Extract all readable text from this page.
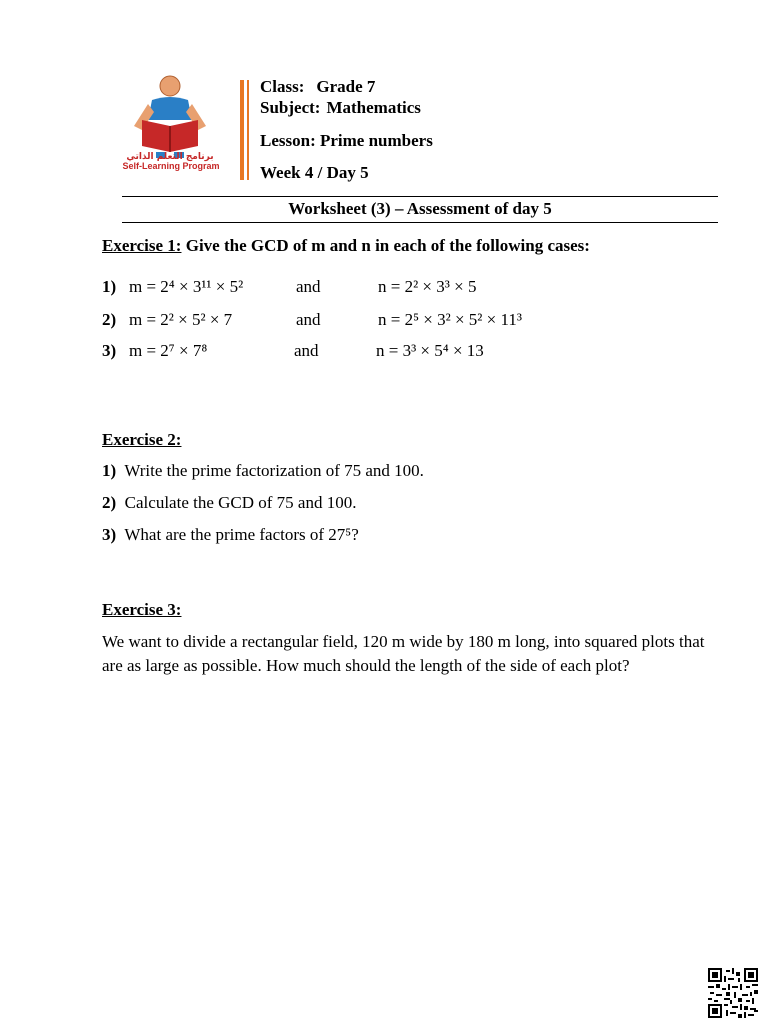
برنامج التعلم الذاتي
Self-Learning Program
Class: Grade 7
Subject: Mathematics
Lesson: Prime numbers
Week 4 / Day 5
Worksheet (3) – Assessment of day 5
Exercise 1: Give the GCD of m and n in each of the following cases:
1) m = 2⁴ × 3¹¹ × 5²	and	n = 2² × 3³ × 5
2) m = 2² × 5² × 7	and	n = 2⁵ × 3² × 5² × 11³
3) m = 2⁷ × 7⁸	and	n = 3³ × 5⁴ × 13
Exercise 2:
1) Write the prime factorization of 75 and 100.
2) Calculate the GCD of 75 and 100.
3) What are the prime factors of 27⁵?
Exercise 3:
We want to divide a rectangular field, 120 m wide by 180 m long, into squared plots that are as large as possible. How much should the length of the side of each plot?
